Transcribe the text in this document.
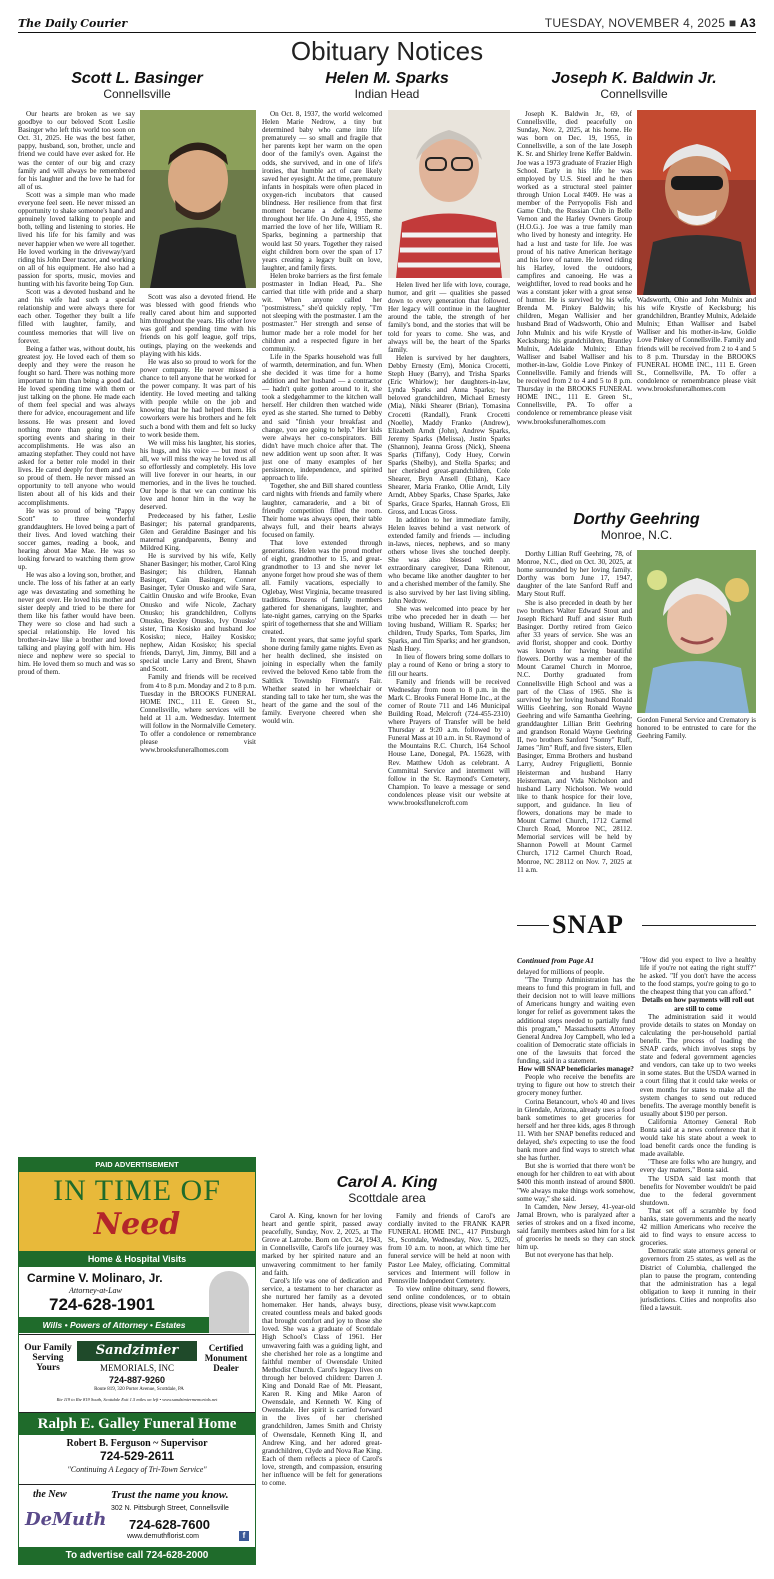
The Daily Courier	TUESDAY, NOVEMBER 4, 2025 ■ A3
Obituary Notices
Scott L. Basinger
Connellsville
Helen M. Sparks
Indian Head
Joseph K. Baldwin Jr.
Connellsville

Our hearts are broken as we say goodbye to our beloved Scott Leslie Basinger who left this world too soon on Oct. 31, 2025. He was the best father, pappy, husband, son, brother, uncle and friend we could have ever asked for. He was the center of our big and crazy family and will always be remembered for his laughter and the love he had for all of us.

Scott was a simple man who made everyone feel seen. He never missed an opportunity to shake someone's hand and genuinely loved talking to people and both, telling and listening to stories. He lived his life for his family and was never happier when we were all together. He loved working in the driveway/yard riding his John Deer tractor, and working on all of his equipment. He also had a passion for sports, music, movies and hunting with his favorite being Top Gun.

Scott was a devoted husband and he and his wife had such a special relationship and were always there for each other. Together they built a life filled with laughter, family, and countless memories that will live on forever.

Being a father was, without doubt, his greatest joy. He loved each of them so deeply and they were the reason he fought so hard. There was nothing more important to him than being a good dad. He loved spending time with them or just talking on the phone. He made each of them feel special and was always there for advice, encouragement and life lessons. He was present and loved nothing more than going to their sporting events and sharing in their accomplishments. He was also an amazing stepfather. They could not have asked for a better role model in their lives. He cared deeply for them and was so proud of them. He never missed an opportunity to tell anyone who would listen about all of his kids and their accomplishments.

He was so proud of being "Pappy Scott" to three wonderful granddaughters. He loved being a part of their lives. And loved watching their soccer games, reading a book, and hearing about Mae Mae. He was so looking forward to watching them grow up.

He was also a loving son, brother, and uncle. The loss of his father at an early age was devastating and something he never got over. He loved his mother and sister deeply and tried to be there for them like his father would have been. They were so close and had such a special relationship. He loved his brother-in-law like a brother and loved talking and playing golf with him. His niece and nephew were so special to him. He loved them so much and was so proud of them.

Scott was also a devoted friend. He was blessed with good friends who really cared about him and supported him throughout the years. His other love was golf and spending time with his friends on his golf league, golf trips, outings, playing on the weekends and playing with his kids.

He was also so proud to work for the power company. He never missed a chance to tell anyone that he worked for the power company. It was part of his identity. He loved meeting and talking with people while on the job and knowing that he had helped them. His coworkers were his brothers and he felt such a bond with them and felt so lucky to work beside them.

We will miss his laughter, his stories, his hugs, and his voice — but most of all, we will miss the way he loved us all so effortlessly and completely. His love will live forever in our hearts, in our memories, and in the lives he touched. Our hope is that we can continue his love and honor him in the way he deserved.

Predeceased by his father, Leslie Basinger; his paternal grandparents, Glen and Geraldine Basinger and his maternal grandparents, Benny and Mildred King.

He is survived by his wife, Kelly Shaner Basinger; his mother, Carol King Basinger; his children, Hannah Basinger, Cain Basinger, Conner Basinger, Tyler Onusko and wife Sara, Caitlin Onusko and wife Brooke, Evan Onusko and wife Nicole, Zachary Onusko; his grandchildren, Collyns Onusko, Bexley Onusko, Ivy Onusko' sister, Tina Kosisko and husband Joe Kosisko; niece, Hailey Kosisko; nephew, Aidan Kosisko; his special friends, Darryl, Jim, Jimmy, Bill and a special uncle Larry and Brent, Shawn and Scott.

Family and friends will be received from 4 to 8 p.m. Monday and 2 to 8 p.m. Tuesday in the BROOKS FUNERAL HOME INC., 111 E. Green St., Connellsville, where services will be held at 11 a.m. Wednesday. Interment will follow in the Normalville Cemetery. To offer a condolence or remembrance please visit www.brooksfuneralhomes.com

On Oct. 8, 1937, the world welcomed Helen Marie Nedrow, a tiny but determined baby who came into life prematurely — so small and fragile that her parents kept her warm on the open door of the family's oven. Against the odds, she survived, and in one of life's ironies, that humble act of care likely saved her eyesight. At the time, premature infants in hospitals were often placed in oxygen-rich incubators that caused blindness. Her resilience from that first moment became a defining theme throughout her life. On June 4, 1955, she married the love of her life, William R. Sparks, beginning a partnership that would last 50 years. Together they raised eight children born over the span of 17 years creating a legacy built on love, laughter, and family firsts.

Helen broke barriers as the first female postmaster in Indian Head, Pa.. She carried that title with pride and a sharp wit. When anyone called her "postmistress," she'd quickly reply, "I'm not sleeping with the postmaster. I am the postmaster." Her strength and sense of humor made her a role model for her children and a respected figure in her community.

Life in the Sparks household was full of warmth, determination, and fun. When she decided it was time for a home addition and her husband — a contractor — hadn't quite gotten around to it, she took a sledgehammer to the kitchen wall herself. Her children then watched wide eyed as she started. She turned to Debby and said "finish your breakfast and change, you are going to help." Her kids were always her co-conspirators. Bill didn't have much choice after that. The new addition went up soon after. It was just one of many examples of her persistence, independence, and spirited approach to life.

Together, she and Bill shared countless card nights with friends and family where laughter, camaraderie, and a bit of friendly competition filled the room. Their home was always open, their table always full, and their hearts always focused on family.

That love extended through generations. Helen was the proud mother of eight, grandmother to 15, and great-grandmother to 13 and she never let anyone forget how proud she was of them all. Family vacations, especially to Oglebay, West Virginia, became treasured traditions. Dozens of family members gathered for shenanigans, laughter, and late-night games, carrying on the Sparks spirit of togetherness that she and William created.

In recent years, that same joyful spark shone during family game nights. Even as her health declined, she insisted on joining in especially when the family revived the beloved Keno table from the Saltlick Township Fireman's Fair. Whether seated in her wheelchair or standing tall to take her turn, she was the heart of the game and the soul of the family. Everyone cheered when she would win.

Helen lived her life with love, courage, humor, and grit — qualities she passed down to every generation that followed. Her legacy will continue in the laughter around the table, the strength of her family's bond, and the stories that will be told for years to come. She was, and always will be, the heart of the Sparks family.

Helen is survived by her daughters, Debby Ernesty (Em), Monica Crocetti, Steph Huey (Barry), and Trisha Sparks (Eric Whirlow); her daughters-in-law, Lynda Sparks and Anna Sparks; her beloved grandchildren, Michael Ernesty (Mia), Nikki Shearer (Brian), Tomasina Crocetti (Randall), Frank Crocetti (Noelle), Maddy Franko (Andrew), Elizabeth Arndt (John), Andrew Sparks, Jeremy Sparks (Melissa), Justin Sparks (Shannon), Jeanna Gross (Nick), Sheena Sparks (Tiffany), Cody Huey, Corwin Sparks (Shelby), and Stella Sparks; and her cherished great-grandchildren, Cole Shearer, Bryn Ansell (Ethan), Kace Shearer, Maria Franko, Ollie Arndt, Lily Arndt, Abbey Sparks, Chase Sparks, Jake Sparks, Grace Sparks, Hannah Gross, Eli Gross, and Lucas Gross.

In addition to her immediate family, Helen leaves behind a vast network of extended family and friends — including in-laws, nieces, nephews, and so many others whose lives she touched deeply. She was also blessed with an extraordinary caregiver, Dana Ritenour, who became like another daughter to her and a cherished member of the family. She is also survived by her last living sibling, John Nedrow.

She was welcomed into peace by her tribe who preceded her in death — her loving husband, William R. Sparks; her children, Trudy Sparks, Tom Sparks, Jim Sparks, and Tim Sparks; and her grandson, Nash Huey.

In lieu of flowers bring some dollars to play a round of Keno or bring a story to fill our hearts.

Family and friends will be received Wednesday from noon to 8 p.m. in the Mark C. Brooks Funeral Home Inc., at the corner of Route 711 and 146 Municipal Building Road, Melcroft (724-455-2310) where Prayers of Transfer will be held Thursday at 9:20 a.m. followed by a Funeral Mass at 10 a.m. in St. Raymond of the Mountains R.C. Church, 164 School House Lane, Donegal, PA. 15628, with Rev. Matthew Udoh as celebrant. A Committal Service and interment will follow in the St. Raymond's Cemetery, Champion. To leave a message or send condolences please visit our website at www.brooksflunelcroft.com

Joseph K. Baldwin Jr., 69, of Connellsville, died peacefully on Sunday, Nov. 2, 2025, at his home. He was born on Dec. 19, 1955, in Connellsville, a son of the late Joseph K. Sr. and Shirley Irene Keffer Baldwin. Joe was a 1973 graduate of Frazier High School. Early in his life he was employed by U.S. Steel and he then worked as a structural steel painter through Union Local #409. He was a member of the Perryopolis Fish and Game Club, the Russian Club in Belle Vernon and the Harley Owners Group (H.O.G.). Joe was a true family man who lived by honesty and integrity. He had a lust and taste for life. Joe was proud of his native American heritage and his love of nature. He loved riding his Harley, loved the outdoors, campfires and canoeing. He was a weightlifter, loved to read books and he was a constant joker with a great sense of humor. He is survived by his wife, Brenda M. Pinkey Baldwin; his children, Megan Wallisier and her husband Brad of Wadsworth, Ohio and John Mulnix and his wife Krystle of Kecksburg; his grandchildren, Brantley Mulnix, Adelaide Mulnix; Ethan Walliser and Isabel Walliser and his mother-in-law, Goldie Love Pinkey of Connellsville. Family and friends will be received from 2 to 4 and 5 to 8 p.m. Thursday in the BROOKS FUNERAL HOME INC., 111 E. Green St., Connellsville, PA. To offer a condolence or remembrance please visit www.brooksfuneralhomes.com

Wadsworth, Ohio and John Mulnix and his wife Krystle of Kecksburg; his grandchildren, Brantley Mulnix, Adelaide Mulnix; Ethan Walliser and Isabel Walliser and his mother-in-law, Goldie Love Pinkey of Connellsville. Family and friends will be received from 2 to 4 and 5 to 8 p.m. Thursday in the BROOKS FUNERAL HOME INC., 111 E. Green St., Connellsville, PA. To offer a condolence or remembrance please visit www.brooksfuneralhomes.com

Dorthy Geehring
Monroe, N.C.

Dorthy Lillian Ruff Geehring, 78, of Monroe, N.C., died on Oct. 30, 2025, at home surrounded by her loving family. Dorthy was born June 17, 1947, daughter of the late Sanford Ruff and Mary Stout Ruff.

She is also preceded in death by her two brothers Walter Edward Stout and Joseph Richard Ruff and sister Ruth Basinger. Dorthy retired from Geico after 33 years of service. She was an avid florist, shopper and cook. Dorthy was known for having beautiful flowers. Dorthy was a member of the Mount Caramel Church in Monroe, N.C. Dorthy graduated from Connellsville High School and was a part of the Class of 1965. She is survived by her loving husband Ronald Willis Geehring, son Ronald Wayne Geehring and wife Samantha Geehring, granddaughter Lillian Britt Geehring and grandson Ronald Wayne Geehring II, two brothers Sanford "Sonny" Ruff, James "Jim" Ruff, and five sisters, Ellen Basinger, Emma Brothers and husband Larry, Audrey Friguglietti, Bonnie Heisterman and husband Harry Heisterman, and Vida Nicholson and husband Larry Nicholson. We would like to thank hospice for their love, support, and guidance. In lieu of flowers, donations may be made to Mount Carmel Church, 1712 Carmel Church Road, Monroe NC, 28112. Memorial services will be held by Shannon Powell at Mount Carmel Church, 1712 Carmel Church Road, Monroe, NC 28112 on Nov. 7, 2025 at 11 a.m.

Gordon Funeral Service and Crematory is honored to be entrusted to care for the Geehring Family.
SNAP
Continued from Page A1

delayed for millions of people.

"The Trump Administration has the means to fund this program in full, and their decision not to will leave millions of Americans hungry and waiting even longer for relief as government takes the additional steps needed to partially fund this program," Massachusetts Attorney General Andrea Joy Campbell, who led a coalition of Democratic state officials in one of the lawsuits that forced the funding, said in a statement.

How will SNAP beneficiaries manage?

People who receive the benefits are trying to figure out how to stretch their grocery money further.

Corina Betancourt, who's 40 and lives in Glendale, Arizona, already uses a food bank sometimes to get groceries for herself and her three kids, ages 8 through 11. With her SNAP benefits reduced and delayed, she's expecting to use the food bank more and find ways to stretch what she has further.

But she is worried that there won't be enough for her children to eat with about $400 this month instead of around $800. "We always make things work somehow, some way," she said.

In Camden, New Jersey, 41-year-old Jamal Brown, who is paralyzed after a series of strokes and on a fixed income, said family members asked him for a list of groceries he needs so they can stock him up.

But not everyone has that help.

"How did you expect to live a healthy life if you're not eating the right stuff?" he asked. "If you don't have the access to the food stamps, you're going to go to the cheapest thing that you can afford."

Details on how payments will roll out are still to come

The administration said it would provide details to states on Monday on calculating the per-household partial benefit. The process of loading the SNAP cards, which involves steps by state and federal government agencies and vendors, can take up to two weeks in some states. But the USDA warned in a court filing that it could take weeks or even months for states to make all the system changes to send out reduced benefits. The average monthly benefit is usually about $190 per person.

California Attorney General Rob Bonta said at a news conference that it would take his state about a week to load benefit cards once the funding is made available.

"These are folks who are hungry, and every day matters," Bonta said.

The USDA said last month that benefits for November wouldn't be paid due to the federal government shutdown.

That set off a scramble by food banks, state governments and the nearly 42 million Americans who receive the aid to find ways to ensure access to groceries.

Democratic state attorneys general or governors from 25 states, as well as the District of Columbia, challenged the plan to pause the program, contending that the administration has a legal obligation to keep it running in their jurisdictions. Cities and nonprofits also filed a lawsuit.

Carol A. King
Scottdale area

Carol A. King, known for her loving heart and gentle spirit, passed away peacefully, Sunday, Nov. 2, 2025, at The Grove at Latrobe. Born on Oct. 24, 1943, in Connellsville, Carol's life journey was marked by her spirited nature and an unwavering commitment to her family and faith.

Carol's life was one of dedication and service, a testament to her character as she nurtured her family as a devoted homemaker. Her hands, always busy, created countless meals and baked goods that brought comfort and joy to those she loved. She was a graduate of Scottdale High School's Class of 1961. Her unwavering faith was a guiding light, and she cherished her role as a longtime and faithful member of Owensdale United Methodist Church. Carol's legacy lives on through her beloved children: Darren J. King and Donald Rae of Mt. Pleasant, Karen R. King and Mike Aaron of Owensdale, and Kenneth W. King of Owensdale. Her spirit is carried forward in the lives of her cherished grandchildren, James Smith and Christy of Owensdale, Kenneth King II, and Andrew King, and her adored great-grandchildren, Clyde and Nova Rae King. Each of them reflects a piece of Carol's love, strength, and compassion, ensuring her influence will be felt for generations to come.

Family and friends of Carol's are cordially invited to the FRANK KAPR FUNERAL HOME INC., 417 Pittsburgh St., Scottdale, Wednesday, Nov. 5, 2025, from 10 a.m. to noon, at which time her funeral service will be held at noon with Pastor Lee Maley, officiating. Committal services and Interment will follow in Pennsville Independent Cemetery.

To view online obituary, send flowers, send online condolences, or to obtain directions, please visit www.kapr.com

PAID ADVERTISEMENT
IN TIME OF
Need
Home & Hospital Visits
Carmine V. Molinaro, Jr.
Attorney-at-Law
724-628-1901
Wills • Powers of Attorney • Estates
Our Family Serving Yours
Sandzimier
MEMORIALS, INC
724-887-9260
Route 819, 320 Porter Avenue, Scottdale, PA
Rte 119 to Rte 819 South, Scottdale Exit 1.5 miles on left • www.sandzimiermemorials.net
Certified Monument Dealer
Ralph E. Galley Funeral Home
Robert B. Ferguson ~ Supervisor
724-529-2611
"Continuing A Legacy of Tri-Town Service"
the New
DeMuth
Trust the name you know.
302 N. Pittsburgh Street, Connellsville
724-628-7600
www.demuthflorist.com	f
To advertise call 724-628-2000
